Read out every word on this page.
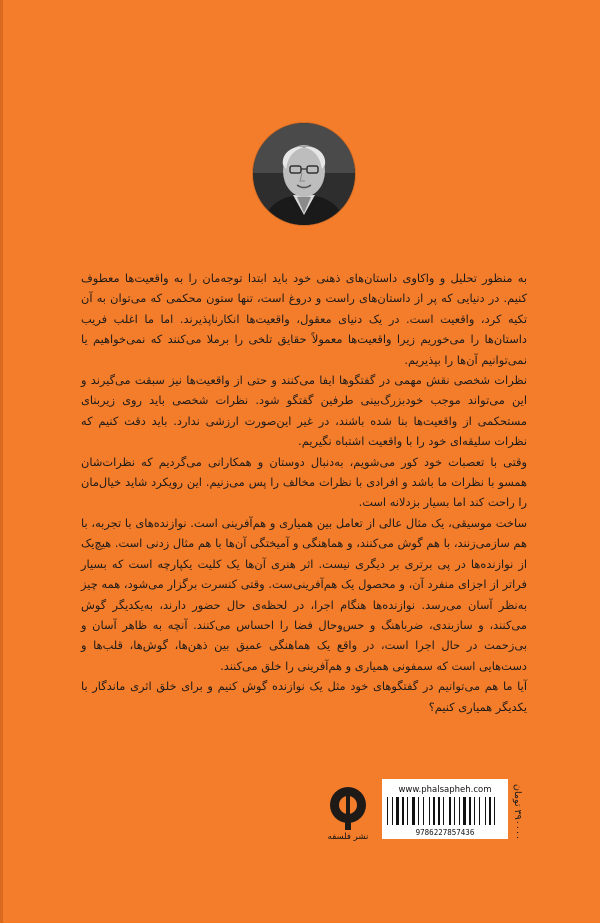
به منظور تحلیل و واکاوی داستان‌های ذهنی خود باید ابتدا توجه‌مان را به واقعیت‌ها معطوف کنیم. در دنیایی که پر از داستان‌های راست و دروغ است، تنها ستون محکمی که می‌توان به آن تکیه کرد، واقعیت است. در یک دنیای معقول، واقعیت‌ها انکارناپذیرند. اما ما اغلب فریب داستان‌ها را می‌خوریم زیرا واقعیت‌ها معمولاً حقایق تلخی را برملا می‌کنند که نمی‌خواهیم یا نمی‌توانیم آن‌ها را بپذیریم.

نظرات شخصی نقش مهمی در گفتگوها ایفا می‌کنند و حتی از واقعیت‌ها نیز سبقت می‌گیرند و این می‌تواند موجب خودبزرگ‌بینی طرفین گفتگو شود. نظرات شخصی باید روی زیربنای مستحکمی از واقعیت‌ها بنا شده باشند، در غیر این‌صورت ارزشی ندارد. باید دقت کنیم که نظرات سلیقه‌ای خود را با واقعیت اشتباه نگیریم.

وقتی با تعصبات خود کور می‌شویم، به‌دنبال دوستان و همکارانی می‌گردیم که نظرات‌شان همسو با نظرات ما باشد و افرادی با نظرات مخالف را پس می‌زنیم. این رویکرد شاید خیال‌مان را راحت کند اما بسیار بزدلانه است.

ساخت موسیقی، یک مثال عالی از تعامل بین همیاری و هم‌آفرینی است. نوازنده‌های با تجربه، با هم سازمی‌زنند، با هم گوش می‌کنند، و هماهنگی و آمیختگی آن‌ها با هم مثال زدنی است. هیچ‌یک از نوازنده‌ها در پی برتری بر دیگری نیست. اثر هنری آن‌ها یک کلیت یکپارچه است که بسیار فراتر از اجزای منفرد آن، و محصول یک هم‌آفرینی‌ست. وقتی کنسرت برگزار می‌شود، همه چیز به‌نظر آسان می‌رسد. نوازنده‌ها هنگام اجرا، در لحظه‌ی حال حضور دارند، به‌یکدیگر گوش می‌کنند، و سازبندی، ضرباهنگ و حس‌وحال فضا را احساس می‌کنند. آنچه به ظاهر آسان و بی‌زحمت در حال اجرا است، در واقع یک هماهنگی عمیق بین ذهن‌ها، گوش‌ها، قلب‌ها و دست‌هایی است که سمفونی همیاری و هم‌آفرینی را خلق می‌کنند.

آیا ما هم می‌توانیم در گفتگوهای خود مثل یک نوازنده گوش کنیم و برای خلق اثری ماندگار با یکدیگر همیاری کنیم؟

نشر فلسفه
www.phalsapheh.com
9786227857436
۳۹۰۰۰۰ تومان
